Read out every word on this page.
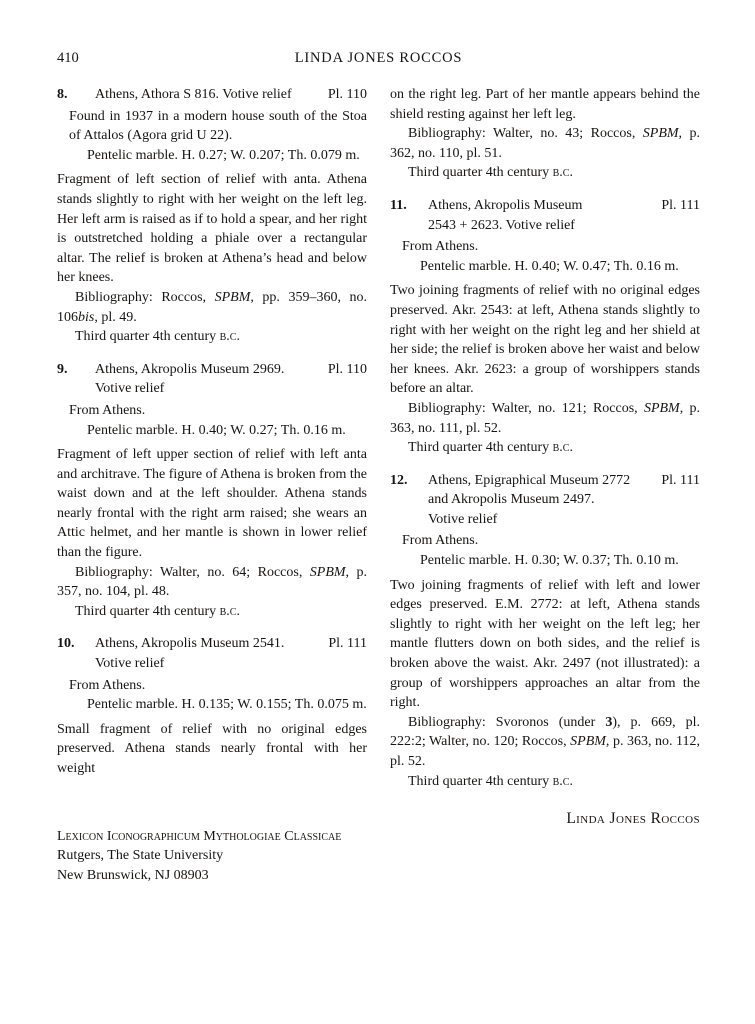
410	LINDA JONES ROCCOS
8.	Athens, Athora S 816. Votive relief	Pl. 110

Found in 1937 in a modern house south of the Stoa of Attalos (Agora grid U 22).

Pentelic marble. H. 0.27; W. 0.207; Th. 0.079 m.

Fragment of left section of relief with anta. Athena stands slightly to right with her weight on the left leg. Her left arm is raised as if to hold a spear, and her right is outstretched holding a phiale over a rectangular altar. The relief is broken at Athena’s head and below her knees.

Bibliography: Roccos, SPBM, pp. 359–360, no. 106bis, pl. 49.

Third quarter 4th century b.c.

9.	Athens, Akropolis Museum 2969.	Pl. 110
Votive relief

From Athens.

Pentelic marble. H. 0.40; W. 0.27; Th. 0.16 m.

Fragment of left upper section of relief with left anta and architrave. The figure of Athena is broken from the waist down and at the left shoulder. Athena stands nearly frontal with the right arm raised; she wears an Attic helmet, and her mantle is shown in lower relief than the figure.

Bibliography: Walter, no. 64; Roccos, SPBM, p. 357, no. 104, pl. 48.

Third quarter 4th century b.c.

10.	Athens, Akropolis Museum 2541.	Pl. 111
Votive relief

From Athens.

Pentelic marble. H. 0.135; W. 0.155; Th. 0.075 m.

Small fragment of relief with no original edges preserved. Athena stands nearly frontal with her weight

Lexicon Iconographicum Mythologiae Classicae
Rutgers, The State University
New Brunswick, NJ 08903

on the right leg. Part of her mantle appears behind the shield resting against her left leg.

Bibliography: Walter, no. 43; Roccos, SPBM, p. 362, no. 110, pl. 51.

Third quarter 4th century b.c.

11.	Athens, Akropolis Museum	Pl. 111
2543 + 2623. Votive relief

From Athens.

Pentelic marble. H. 0.40; W. 0.47; Th. 0.16 m.

Two joining fragments of relief with no original edges preserved. Akr. 2543: at left, Athena stands slightly to right with her weight on the right leg and her shield at her side; the relief is broken above her waist and below her knees. Akr. 2623: a group of worshippers stands before an altar.

Bibliography: Walter, no. 121; Roccos, SPBM, p. 363, no. 111, pl. 52.

Third quarter 4th century b.c.

12.	Athens, Epigraphical Museum 2772	Pl. 111
and Akropolis Museum 2497.
Votive relief

From Athens.

Pentelic marble. H. 0.30; W. 0.37; Th. 0.10 m.

Two joining fragments of relief with left and lower edges preserved. E.M. 2772: at left, Athena stands slightly to right with her weight on the left leg; her mantle flutters down on both sides, and the relief is broken above the waist. Akr. 2497 (not illustrated): a group of worshippers approaches an altar from the right.

Bibliography: Svoronos (under 3), p. 669, pl. 222:2; Walter, no. 120; Roccos, SPBM, p. 363, no. 112, pl. 52.

Third quarter 4th century b.c.

Linda Jones Roccos
